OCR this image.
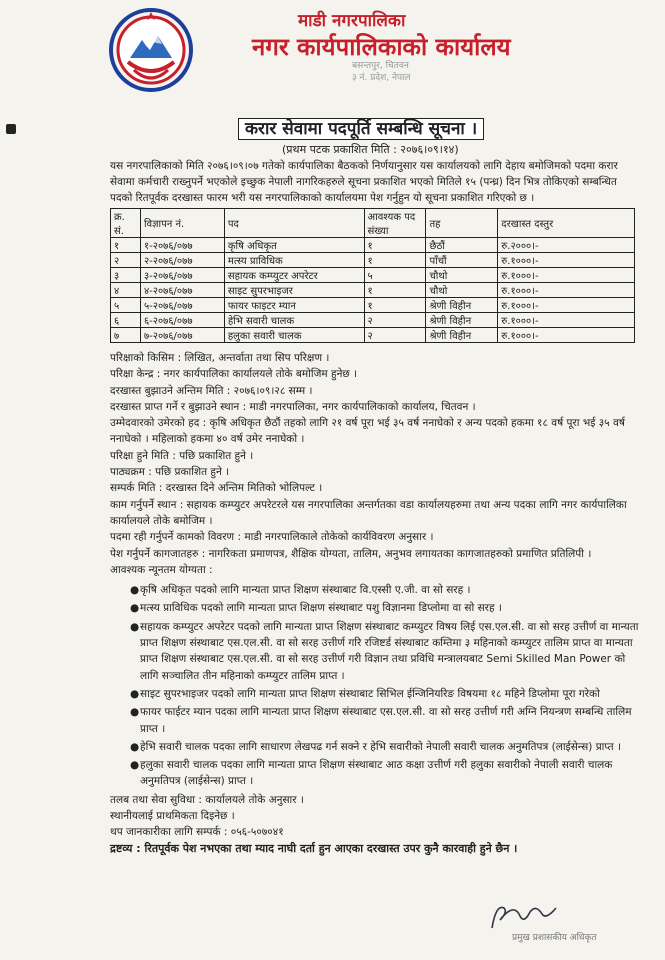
माडी नगरपालिका
नगर कार्यपालिकाको कार्यालय
बसन्तपुर, चितवन
३ नं. प्रदेश, नेपाल
करार सेवामा पदपूर्ति सम्बन्धि सूचना ।
(प्रथम पटक प्रकाशित मिति : २०७६।०९।१४)
यस नगरपालिकाको मिति २०७६।०९।०७ गतेको कार्यपालिका बैठकको निर्णयानुसार यस कार्यालयको लागि देहाय बमोजिमको पदमा करार सेवामा कर्मचारी राख्नुपर्ने भएकोले इच्छुक नेपाली नागरिकहरुले सूचना प्रकाशित भएको मितिले १५ (पन्ध्र) दिन भित्र तोकिएको सम्बन्धित पदको रितपूर्वक दरखास्त फारम भरी यस नगरपालिकाको कार्यालयमा पेश गर्नुहुन यो सूचना प्रकाशित गरिएको छ ।
क्र. सं.	विज्ञापन नं.	पद	आवश्यक पद संख्या	तह	दरखास्त दस्तुर
१	१-२०७६/०७७	कृषि अधिकृत	१	छैठौं	रु.२०००।-
२	२-२०७६/०७७	मत्स्य प्राविधिक	१	पाँचौं	रु.१०००।-
३	३-२०७६/०७७	सहायक कम्प्युटर अपरेटर	५	चौथो	रु.१०००।-
४	४-२०७६/०७७	साइट सुपरभाइजर	१	चौथो	रु.१०००।-
५	५-२०७६/०७७	फायर फाइटर म्यान	१	श्रेणी विहीन	रु.१०००।-
६	६-२०७६/०७७	हेभि सवारी चालक	२	श्रेणी विहीन	रु.१०००।-
७	७-२०७६/०७७	हलुका सवारी चालक	२	श्रेणी विहीन	रु.१०००।-

परिक्षाको किसिम : लिखित, अन्तर्वाता तथा सिप परिक्षण ।

परिक्षा केन्द्र : नगर कार्यपालिका कार्यालयले तोके बमोजिम हुनेछ ।

दरखास्त बुझाउने अन्तिम मिति : २०७६।०९।२८ सम्म ।

दरखास्त प्राप्त गर्ने र बुझाउने स्थान : माडी नगरपालिका, नगर कार्यपालिकाको कार्यालय, चितवन ।

उम्मेदवारको उमेरको हद : कृषि अधिकृत छैठौं तहको लागि २१ वर्ष पूरा भई ३५ वर्ष ननाघेको र अन्य पदको हकमा १८ वर्ष पूरा भई ३५ वर्ष ननाघेको । महिलाको हकमा ४० वर्ष उमेर ननाघेको ।

परिक्षा हुने मिति : पछि प्रकाशित हुने ।

पाठ्यक्रम : पछि प्रकाशित हुने ।

सम्पर्क मिति : दरखास्त दिने अन्तिम मितिको भोलिपल्ट ।

काम गर्नुपर्ने स्थान : सहायक कम्प्युटर अपरेटरले यस नगरपालिका अन्तर्गतका वडा कार्यालयहरुमा तथा अन्य पदका लागि नगर कार्यपालिका कार्यालयले तोके बमोजिम ।

पदमा रही गर्नुपर्ने कामको विवरण : माडी नगरपालिकाले तोकेको कार्यविवरण अनुसार ।

पेश गर्नुपर्ने कागजातहरु : नागरिकता प्रमाणपत्र, शैक्षिक योग्यता, तालिम, अनुभव लगायतका कागजातहरुको प्रमाणित प्रतिलिपी ।

आवश्यक न्यूनतम योग्यता :

● कृषि अधिकृत पदको लागि मान्यता प्राप्त शिक्षण संस्थाबाट वि.एस्सी ए.जी. वा सो सरह ।
● मत्स्य प्राविधिक पदको लागि मान्यता प्राप्त शिक्षण संस्थाबाट पशु विज्ञानमा डिप्लोमा वा सो सरह ।
● सहायक कम्प्युटर अपरेटर पदको लागि मान्यता प्राप्त शिक्षण संस्थाबाट कम्प्युटर विषय लिई एस.एल.सी. वा सो सरह उत्तीर्ण वा मान्यता प्राप्त शिक्षण संस्थाबाट एस.एल.सी. वा सो सरह उत्तीर्ण गरि रजिष्टर्ड संस्थाबाट कम्तिमा ३ महिनाको कम्प्युटर तालिम प्राप्त वा मान्यता प्राप्त शिक्षण संस्थाबाट एस.एल.सी. वा सो सरह उत्तीर्ण गरी विज्ञान तथा प्रविधि मन्त्रालयबाट Semi Skilled Man Power को लागि सञ्चालित तीन महिनाको कम्प्युटर तालिम प्राप्त ।
● साइट सुपरभाइजर पदको लागि मान्यता प्राप्त शिक्षण संस्थाबाट सिभिल ईन्जिनियरिङ विषयमा १८ महिने डिप्लोमा पूरा गरेको
● फायर फाईटर म्यान पदका लागि मान्यता प्राप्त शिक्षण संस्थाबाट एस.एल.सी. वा सो सरह उत्तीर्ण गरी अग्नि नियन्त्रण सम्बन्धि तालिम प्राप्त ।
● हेभि सवारी चालक पदका लागि साधारण लेखपढ गर्न सक्ने र हेभि सवारीको नेपाली सवारी चालक अनुमतिपत्र (लाईसेन्स) प्राप्त ।
● हलुका सवारी चालक पदका लागि मान्यता प्राप्त शिक्षण संस्थाबाट आठ कक्षा उत्तीर्ण गरी हलुका सवारीको नेपाली सवारी चालक अनुमतिपत्र (लाईसेन्स) प्राप्त ।

तलब तथा सेवा सुविधा : कार्यालयले तोके अनुसार ।

स्थानीयलाई प्राथमिकता दिइनेछ ।

थप जानकारीका लागि सम्पर्क : ०५६-५०७०४१

द्रष्टव्य : रितपूर्वक पेश नभएका तथा म्याद नाघी दर्ता हुन आएका दरखास्त उपर कुनै कारवाही हुने छैन ।

प्रमुख प्रशासकीय अधिकृत
